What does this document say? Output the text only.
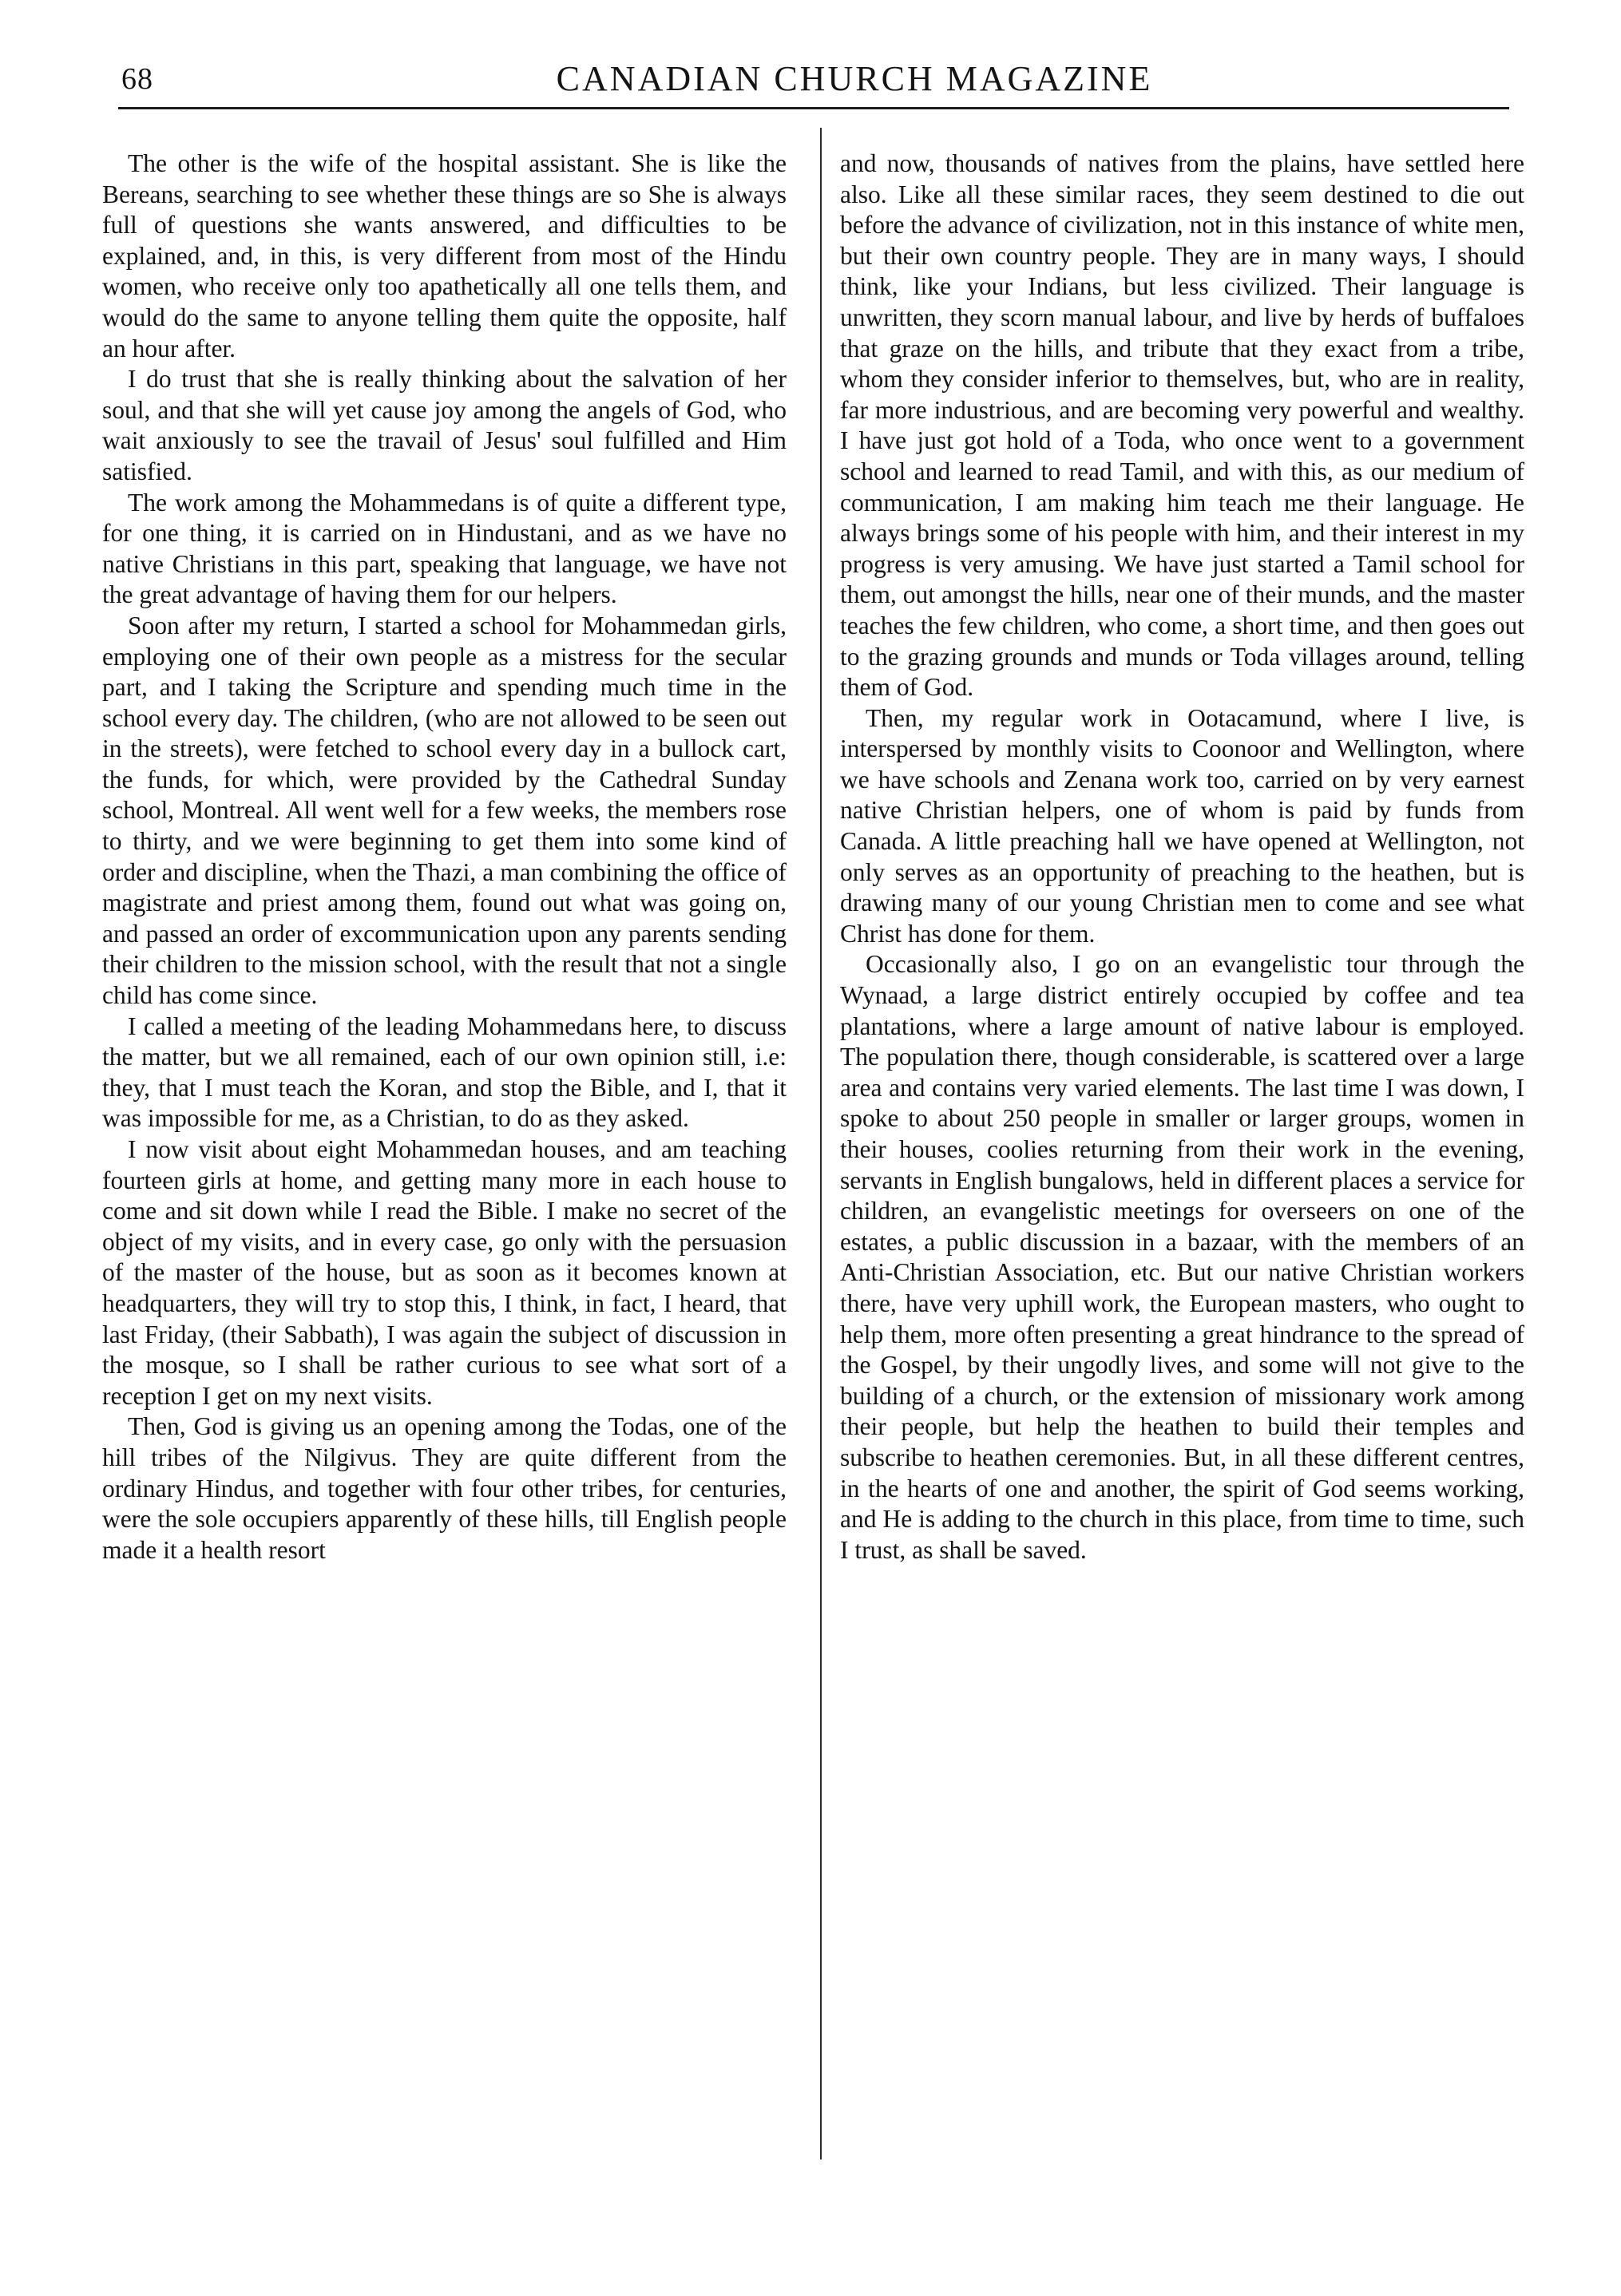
68	CANADIAN CHURCH MAGAZINE

The other is the wife of the hospital assistant. She is like the Bereans, searching to see whether these things are so She is always full of questions she wants answered, and difficulties to be explained, and, in this, is very different from most of the Hindu women, who receive only too apathetically all one tells them, and would do the same to anyone telling them quite the opposite, half an hour after.

I do trust that she is really thinking about the salvation of her soul, and that she will yet cause joy among the angels of God, who wait anxiously to see the travail of Jesus' soul fulfilled and Him satisfied.

The work among the Mohammedans is of quite a different type, for one thing, it is carried on in Hindustani, and as we have no native Christians in this part, speaking that language, we have not the great advantage of having them for our helpers.

Soon after my return, I started a school for Mohammedan girls, employing one of their own people as a mistress for the secular part, and I taking the Scripture and spending much time in the school every day. The children, (who are not allowed to be seen out in the streets), were fetched to school every day in a bullock cart, the funds, for which, were provided by the Cathedral Sunday school, Montreal. All went well for a few weeks, the members rose to thirty, and we were beginning to get them into some kind of order and discipline, when the Thazi, a man combining the office of magistrate and priest among them, found out what was going on, and passed an order of excommunication upon any parents sending their children to the mission school, with the result that not a single child has come since.

I called a meeting of the leading Mohammedans here, to discuss the matter, but we all remained, each of our own opinion still, i.e: they, that I must teach the Koran, and stop the Bible, and I, that it was impossible for me, as a Christian, to do as they asked.

I now visit about eight Mohammedan houses, and am teaching fourteen girls at home, and getting many more in each house to come and sit down while I read the Bible. I make no secret of the object of my visits, and in every case, go only with the persuasion of the master of the house, but as soon as it becomes known at headquarters, they will try to stop this, I think, in fact, I heard, that last Friday, (their Sabbath), I was again the subject of discussion in the mosque, so I shall be rather curious to see what sort of a reception I get on my next visits.

Then, God is giving us an opening among the Todas, one of the hill tribes of the Nilgivus. They are quite different from the ordinary Hindus, and together with four other tribes, for centuries, were the sole occupiers apparently of these hills, till English people made it a health resort

and now, thousands of natives from the plains, have settled here also. Like all these similar races, they seem destined to die out before the advance of civilization, not in this instance of white men, but their own country people. They are in many ways, I should think, like your Indians, but less civilized. Their language is unwritten, they scorn manual labour, and live by herds of buffaloes that graze on the hills, and tribute that they exact from a tribe, whom they consider inferior to themselves, but, who are in reality, far more industrious, and are becoming very powerful and wealthy. I have just got hold of a Toda, who once went to a government school and learned to read Tamil, and with this, as our medium of communication, I am making him teach me their language. He always brings some of his people with him, and their interest in my progress is very amusing. We have just started a Tamil school for them, out amongst the hills, near one of their munds, and the master teaches the few children, who come, a short time, and then goes out to the grazing grounds and munds or Toda villages around, telling them of God.

Then, my regular work in Ootacamund, where I live, is interspersed by monthly visits to Coonoor and Wellington, where we have schools and Zenana work too, carried on by very earnest native Christian helpers, one of whom is paid by funds from Canada. A little preaching hall we have opened at Wellington, not only serves as an opportunity of preaching to the heathen, but is drawing many of our young Christian men to come and see what Christ has done for them.

Occasionally also, I go on an evangelistic tour through the Wynaad, a large district entirely occupied by coffee and tea plantations, where a large amount of native labour is employed. The population there, though considerable, is scattered over a large area and contains very varied elements. The last time I was down, I spoke to about 250 people in smaller or larger groups, women in their houses, coolies returning from their work in the evening, servants in English bungalows, held in different places a service for children, an evangelistic meetings for overseers on one of the estates, a public discussion in a bazaar, with the members of an Anti-Christian Association, etc. But our native Christian workers there, have very uphill work, the European masters, who ought to help them, more often presenting a great hindrance to the spread of the Gospel, by their ungodly lives, and some will not give to the building of a church, or the extension of missionary work among their people, but help the heathen to build their temples and subscribe to heathen ceremonies. But, in all these different centres, in the hearts of one and another, the spirit of God seems working, and He is adding to the church in this place, from time to time, such I trust, as shall be saved.
